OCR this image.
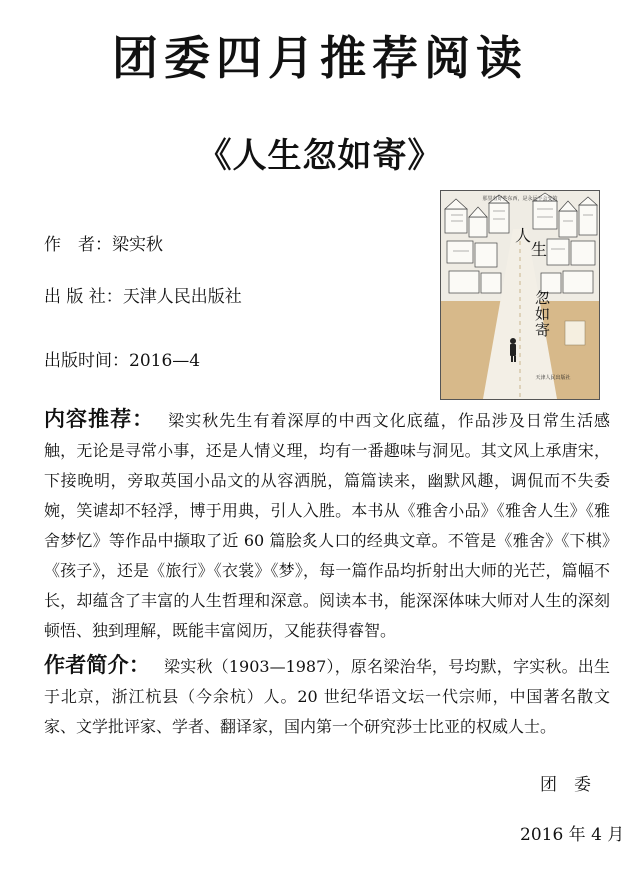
团委四月推荐阅读
《人生忽如寄》
作　者：梁实秋
出 版 社：天津人民出版社
出版时间：2016—4
那里有好些东西，是永远不会变的
人
生
忽
如
寄
天津人民出版社
内容推荐： 梁实秋先生有着深厚的中西文化底蕴，作品涉及日常生活感触，无论是寻常小事，还是人情义理，均有一番趣味与洞见。其文风上承唐宋，下接晚明，旁取英国小品文的从容洒脱，篇篇读来，幽默风趣，调侃而不失委婉，笑谑却不轻浮，博于用典，引人入胜。本书从《雅舍小品》《雅舍人生》《雅舍梦忆》等作品中撷取了近 60 篇脍炙人口的经典文章。不管是《雅舍》《下棋》《孩子》，还是《旅行》《衣裳》《梦》，每一篇作品均折射出大师的光芒，篇幅不长，却蕴含了丰富的人生哲理和深意。阅读本书，能深深体味大师对人生的深刻顿悟、独到理解，既能丰富阅历，又能获得睿智。
作者简介： 梁实秋（1903—1987），原名梁治华，号均默，字实秋。出生于北京，浙江杭县（今余杭）人。20 世纪华语文坛一代宗师，中国著名散文家、文学批评家、学者、翻译家，国内第一个研究莎士比亚的权威人士。
团　委
2016 年 4 月
